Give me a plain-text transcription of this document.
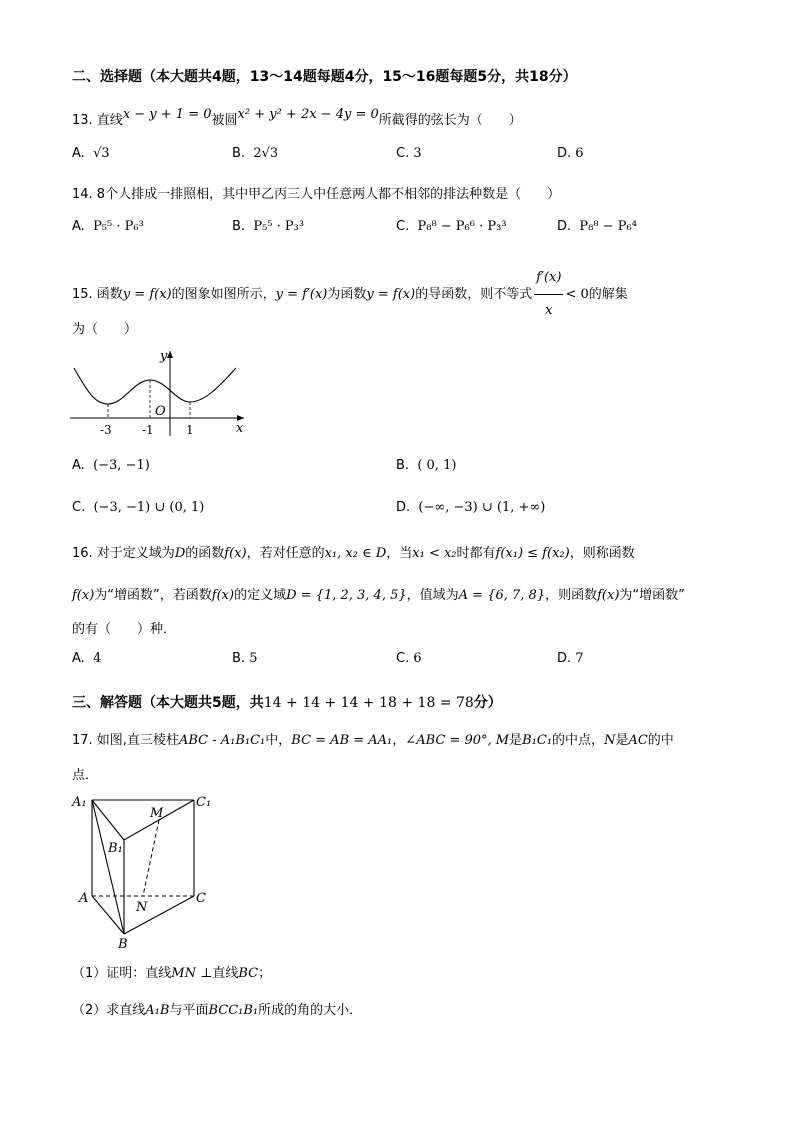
二、选择题（本大题共4题，13～14题每题4分，15～16题每题5分，共18分）
13. 直线x − y + 1 = 0被圆x² + y² + 2x − 4y = 0所截得的弦长为（　　）
A. √3	B. 2√3	C. 3	D. 6
14. 8个人排成一排照相，其中甲乙丙三人中任意两人都不相邻的排法种数是（　　）
A. P₅⁵ · P₆³	B. P₅⁵ · P₃³	C. P₈⁸ − P₆⁶ · P₃³	D. P₈⁸ − P₆⁴
15. 函数y = f(x)的图象如图所示，y = f′(x)为函数y = f(x)的导函数，则不等式 $\frac{f'(x)}{x} < 0$的解集
为（　　）
y
x
O
-3	-1	1
A. (−3, −1)	B. ( 0, 1)
C. (−3, −1) ∪ (0, 1)	D. (−∞, −3) ∪ (1, +∞)
16. 对于定义域为D的函数f(x)，若对任意的x₁, x₂ ∈ D，当x₁ < x₂时都有f(x₁) ≤ f(x₂)，则称函数
f(x)为“增函数”，若函数f(x)的定义域D = {1, 2, 3, 4, 5}，值域为A = {6, 7, 8}，则函数f(x)为“增函数”
的有（　　）种．
A. 4	B. 5	C. 6	D. 7
三、解答题（本大题共5题，共14 + 14 + 14 + 18 + 18 = 78分）
17. 如图,直三棱柱ABC - A₁B₁C₁中，BC = AB = AA₁，∠ABC = 90°, M是B₁C₁的中点，N是AC的中
点．
A₁	C₁
B₁
M
A
N
C
B
（1）证明：直线MN ⊥直线BC；
（2）求直线A₁B与平面BCC₁B₁所成的角的大小．
